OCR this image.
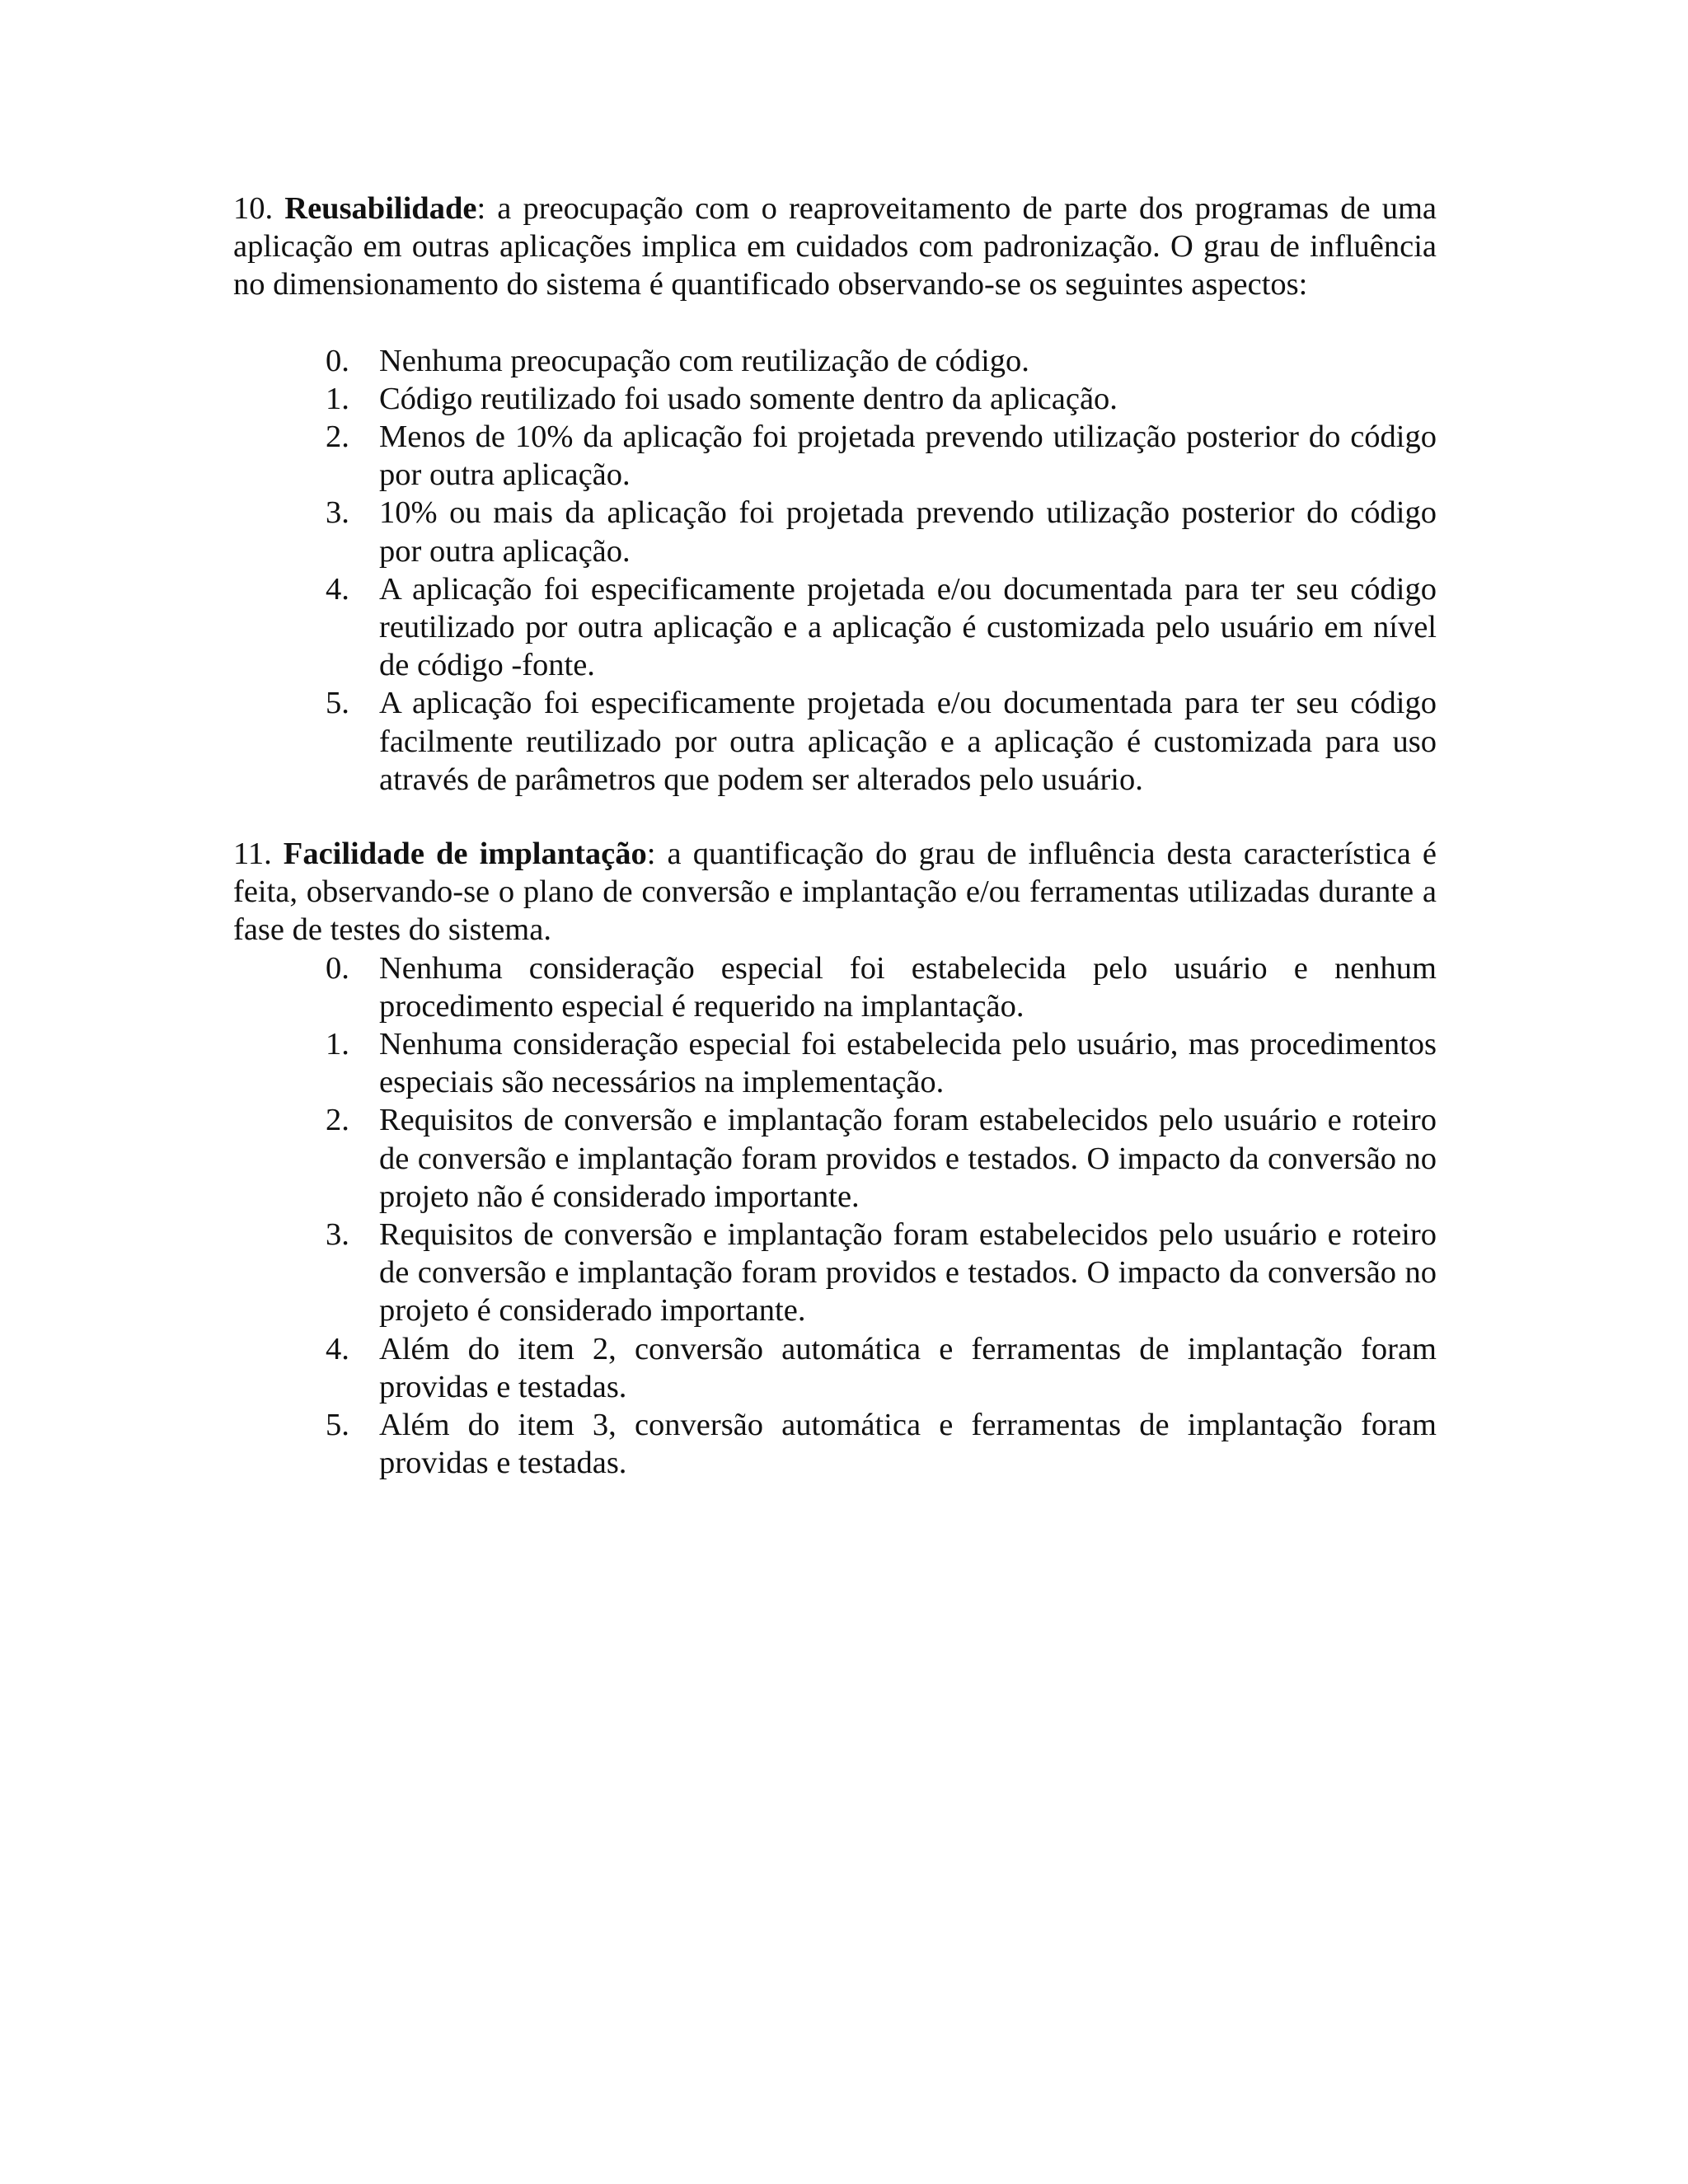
10. Reusabilidade: a preocupação com o reaproveitamento de parte dos programas de uma aplicação em outras aplicações implica em cuidados com padronização. O grau de influência no dimensionamento do sistema é quantificado observando-se os seguintes aspectos:

0. Nenhuma preocupação com reutilização de código.
1. Código reutilizado foi usado somente dentro da aplicação.
2. Menos de 10% da aplicação foi projetada prevendo utilização posterior do código por outra aplicação.
3. 10% ou mais da aplicação foi projetada prevendo utilização posterior do código por outra aplicação.
4. A aplicação foi especificamente projetada e/ou documentada para ter seu código reutilizado por outra aplicação e a aplicação é customizada pelo usuário em nível de código -fonte.
5. A aplicação foi especificamente projetada e/ou documentada para ter seu código facilmente reutilizado por outra aplicação e a aplicação é customizada para uso através de parâmetros que podem ser alterados pelo usuário.

11. Facilidade de implantação: a quantificação do grau de influência desta característica é feita, observando-se o plano de conversão e implantação e/ou ferramentas utilizadas durante a fase de testes do sistema.

0. Nenhuma consideração especial foi estabelecida pelo usuário e nenhum procedimento especial é requerido na implantação.
1. Nenhuma consideração especial foi estabelecida pelo usuário, mas procedimentos especiais são necessários na implementação.
2. Requisitos de conversão e implantação foram estabelecidos pelo usuário e roteiro de conversão e implantação foram providos e testados. O impacto da conversão no projeto não é considerado importante.
3. Requisitos de conversão e implantação foram estabelecidos pelo usuário e roteiro de conversão e implantação foram providos e testados. O impacto da conversão no projeto é considerado importante.
4. Além do item 2, conversão automática e ferramentas de implantação foram providas e testadas.
5. Além do item 3, conversão automática e ferramentas de implantação foram providas e testadas.
